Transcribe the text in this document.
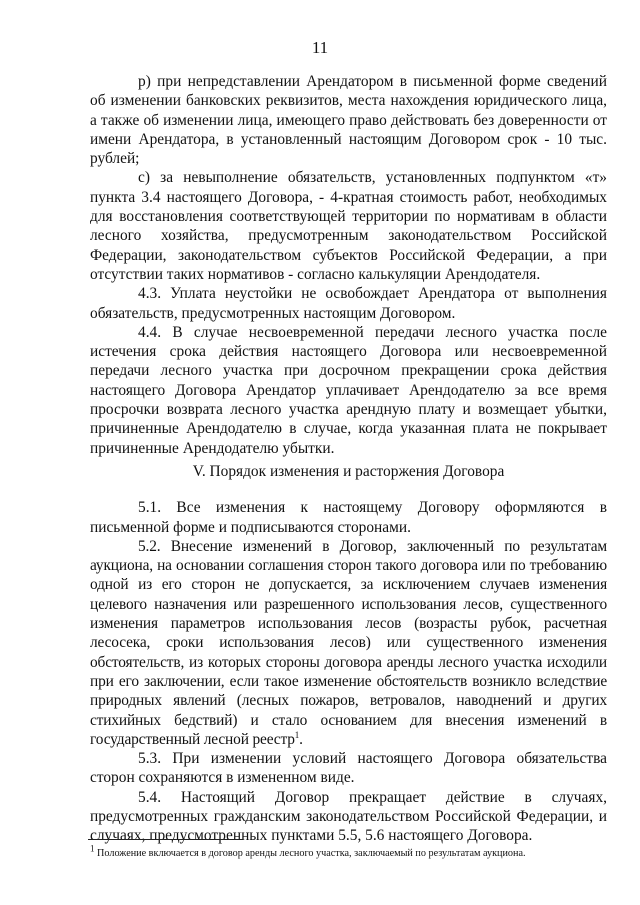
11

р) при непредставлении Арендатором в письменной форме сведений об изменении банковских реквизитов, места нахождения юридического лица, а также об изменении лица, имеющего право действовать без доверенности от имени Арендатора, в установленный настоящим Договором срок - 10 тыс. рублей;

с) за невыполнение обязательств, установленных подпунктом «т» пункта 3.4 настоящего Договора, - 4-кратная стоимость работ, необходимых для восстановления соответствующей территории по нормативам в области лесного хозяйства, предусмотренным законодательством Российской Федерации, законодательством субъектов Российской Федерации, а при отсутствии таких нормативов - согласно калькуляции Арендодателя.

4.3. Уплата неустойки не освобождает Арендатора от выполнения обязательств, предусмотренных настоящим Договором.

4.4. В случае несвоевременной передачи лесного участка после истечения срока действия настоящего Договора или несвоевременной передачи лесного участка при досрочном прекращении срока действия настоящего Договора Арендатор уплачивает Арендодателю за все время просрочки возврата лесного участка арендную плату и возмещает убытки, причиненные Арендодателю в случае, когда указанная плата не покрывает причиненные Арендодателю убытки.

V. Порядок изменения и расторжения Договора

5.1. Все изменения к настоящему Договору оформляются в письменной форме и подписываются сторонами.

5.2. Внесение изменений в Договор, заключенный по результатам аукциона, на основании соглашения сторон такого договора или по требованию одной из его сторон не допускается, за исключением случаев изменения целевого назначения или разрешенного использования лесов, существенного изменения параметров использования лесов (возрасты рубок, расчетная лесосека, сроки использования лесов) или существенного изменения обстоятельств, из которых стороны договора аренды лесного участка исходили при его заключении, если такое изменение обстоятельств возникло вследствие природных явлений (лесных пожаров, ветровалов, наводнений и других стихийных бедствий) и стало основанием для внесения изменений в государственный лесной реестр$^1$.

5.3. При изменении условий настоящего Договора обязательства сторон сохраняются в измененном виде.

5.4. Настоящий Договор прекращает действие в случаях, предусмотренных гражданским законодательством Российской Федерации, и случаях, предусмотренных пунктами 5.5, 5.6 настоящего Договора.

$^1$ Положение включается в договор аренды лесного участка, заключаемый по результатам аукциона.
